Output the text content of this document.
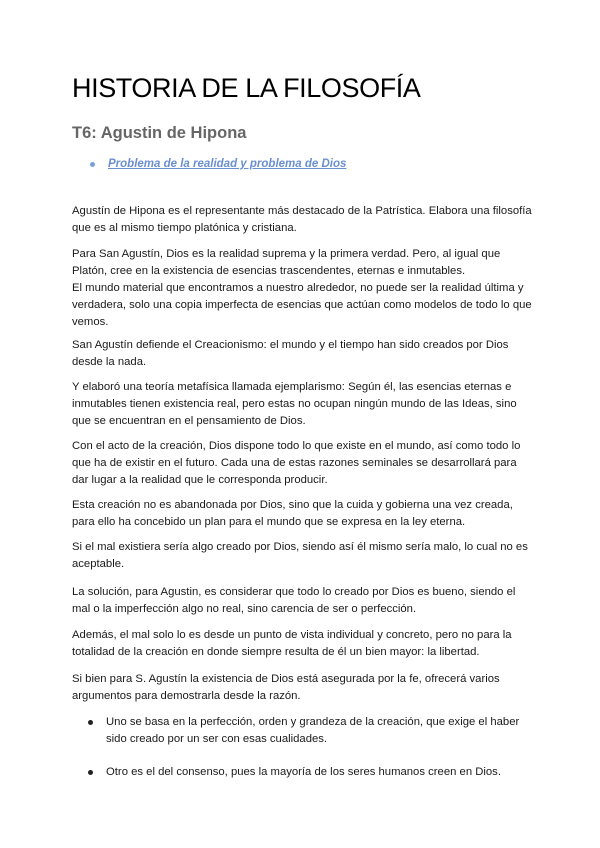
HISTORIA DE LA FILOSOFÍA
T6: Agustin de Hipona
Problema de la realidad y problema de Dios

Agustín de Hipona es el representante más destacado de la Patrística. Elabora una filosofía
que es al mismo tiempo platónica y cristiana.

Para San Agustín, Dios es la realidad suprema y la primera verdad. Pero, al igual que
Platón, cree en la existencia de esencias trascendentes, eternas e inmutables.
El mundo material que encontramos a nuestro alrededor, no puede ser la realidad última y
verdadera, solo una copia imperfecta de esencias que actúan como modelos de todo lo que
vemos.

San Agustín defiende el Creacionismo: el mundo y el tiempo han sido creados por Dios
desde la nada.

Y elaboró una teoría metafísica llamada ejemplarismo: Según él, las esencias eternas e
inmutables tienen existencia real, pero estas no ocupan ningún mundo de las Ideas, sino
que se encuentran en el pensamiento de Dios.

Con el acto de la creación, Dios dispone todo lo que existe en el mundo, así como todo lo
que ha de existir en el futuro. Cada una de estas razones seminales se desarrollará para
dar lugar a la realidad que le corresponda producir.

Esta creación no es abandonada por Dios, sino que la cuida y gobierna una vez creada,
para ello ha concebido un plan para el mundo que se expresa en la ley eterna.

Si el mal existiera sería algo creado por Dios, siendo así él mismo sería malo, lo cual no es
aceptable.

La solución, para Agustin, es considerar que todo lo creado por Dios es bueno, siendo el
mal o la imperfección algo no real, sino carencia de ser o perfección.

Además, el mal solo lo es desde un punto de vista individual y concreto, pero no para la
totalidad de la creación en donde siempre resulta de él un bien mayor: la libertad.

Si bien para S. Agustín la existencia de Dios está asegurada por la fe, ofrecerá varios
argumentos para demostrarla desde la razón.

Uno se basa en la perfección, orden y grandeza de la creación, que exige el haber
sido creado por un ser con esas cualidades.
Otro es el del consenso, pues la mayoría de los seres humanos creen en Dios.
